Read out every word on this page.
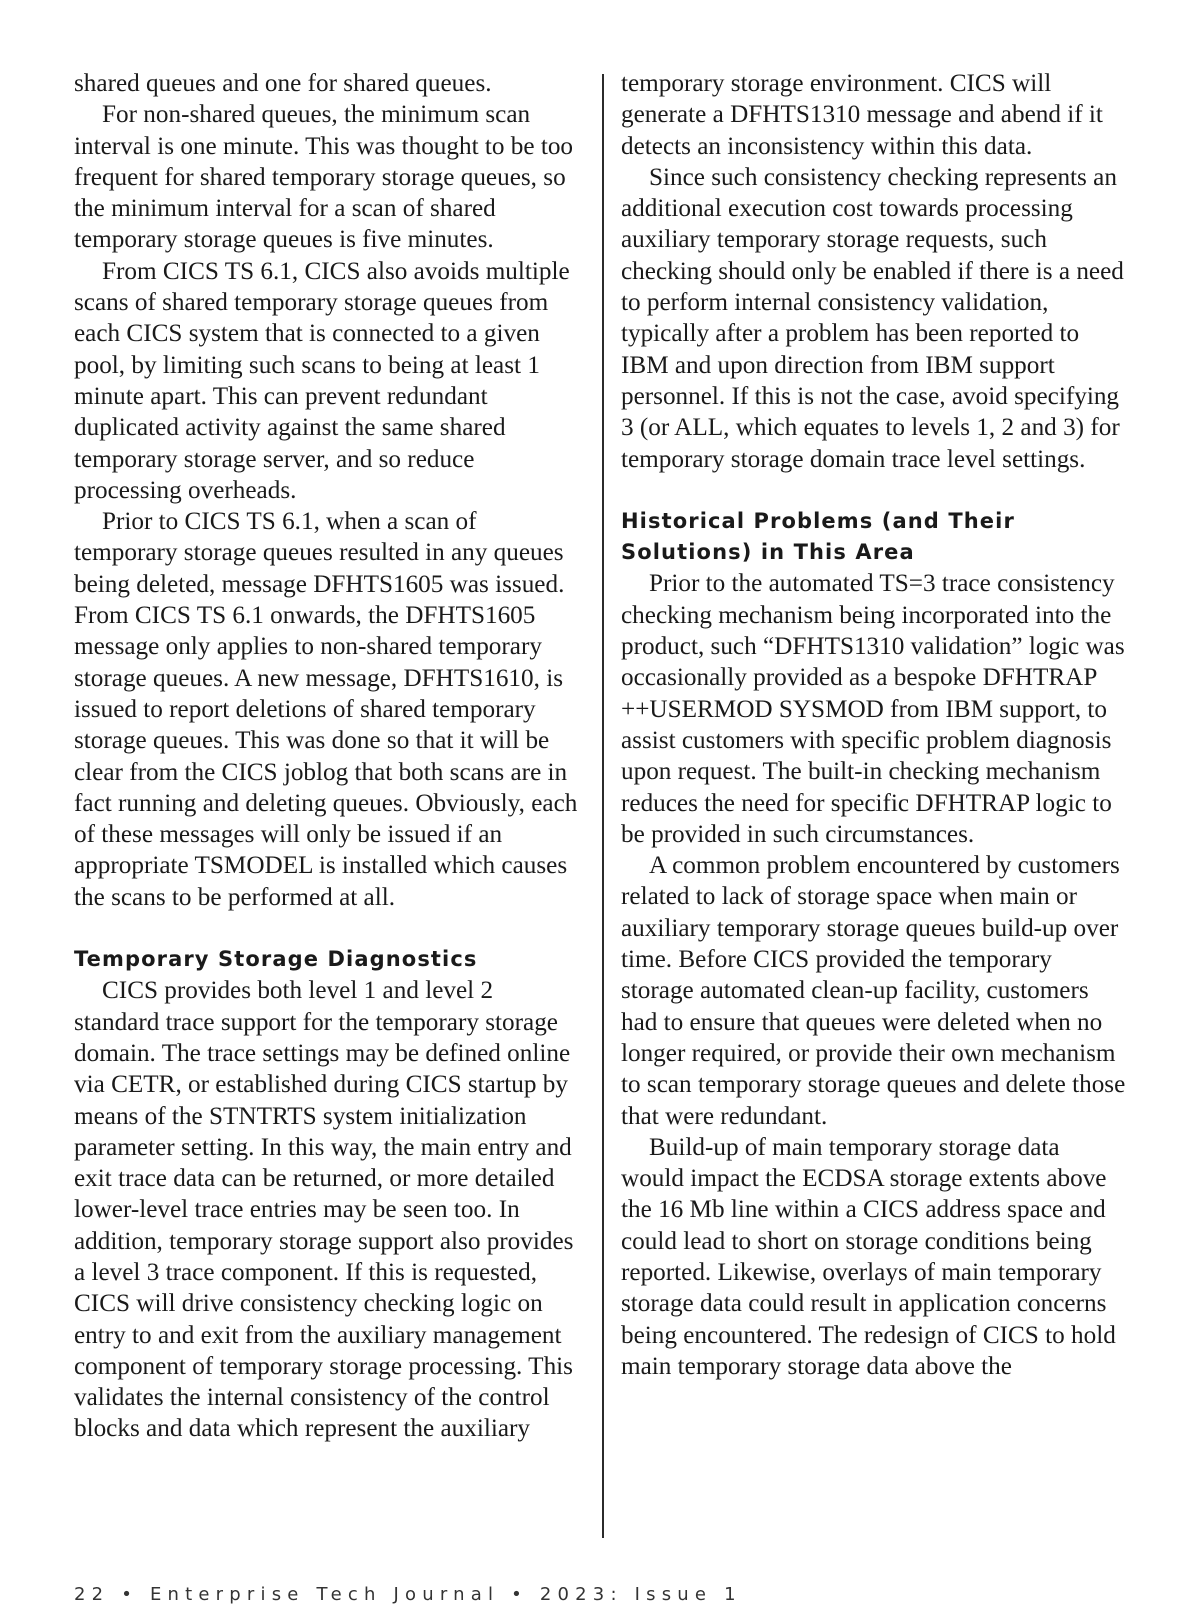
shared queues and one for shared queues.

For non-shared queues, the minimum scan interval is one minute. This was thought to be too frequent for shared temporary storage queues, so the minimum interval for a scan of shared temporary storage queues is five minutes.

From CICS TS 6.1, CICS also avoids multiple scans of shared temporary storage queues from each CICS system that is connected to a given pool, by limiting such scans to being at least 1 minute apart. This can prevent redundant duplicated activity against the same shared temporary storage server, and so reduce processing overheads.

Prior to CICS TS 6.1, when a scan of temporary storage queues resulted in any queues being deleted, message DFHTS1605 was issued. From CICS TS 6.1 onwards, the DFHTS1605 message only applies to non-shared temporary storage queues. A new message, DFHTS1610, is issued to report deletions of shared temporary storage queues. This was done so that it will be clear from the CICS joblog that both scans are in fact running and deleting queues. Obviously, each of these messages will only be issued if an appropriate TSMODEL is installed which causes the scans to be performed at all.

Temporary Storage Diagnostics

CICS provides both level 1 and level 2 standard trace support for the temporary storage domain. The trace settings may be defined online via CETR, or established during CICS startup by means of the STNTRTS system initialization parameter setting. In this way, the main entry and exit trace data can be returned, or more detailed lower-level trace entries may be seen too. In addition, temporary storage support also provides a level 3 trace component. If this is requested, CICS will drive consistency checking logic on entry to and exit from the auxiliary management component of temporary storage processing. This validates the internal consistency of the control blocks and data which represent the auxiliary

temporary storage environment. CICS will generate a DFHTS1310 message and abend if it detects an inconsistency within this data.

Since such consistency checking represents an additional execution cost towards processing auxiliary temporary storage requests, such checking should only be enabled if there is a need to perform internal consistency validation, typically after a problem has been reported to IBM and upon direction from IBM support personnel. If this is not the case, avoid specifying 3 (or ALL, which equates to levels 1, 2 and 3) for temporary storage domain trace level settings.

Historical Problems (and Their Solutions) in This Area

Prior to the automated TS=3 trace consistency checking mechanism being incorporated into the product, such “DFHTS1310 validation” logic was occasionally provided as a bespoke DFHTRAP ++USERMOD SYSMOD from IBM support, to assist customers with specific problem diagnosis upon request. The built-in checking mechanism reduces the need for specific DFHTRAP logic to be provided in such circumstances.

A common problem encountered by customers related to lack of storage space when main or auxiliary temporary storage queues build-up over time. Before CICS provided the temporary storage automated clean-up facility, customers had to ensure that queues were deleted when no longer required, or provide their own mechanism to scan temporary storage queues and delete those that were redundant.

Build-up of main temporary storage data would impact the ECDSA storage extents above the 16 Mb line within a CICS address space and could lead to short on storage conditions being reported. Likewise, overlays of main temporary storage data could result in application concerns being encountered. The redesign of CICS to hold main temporary storage data above the

22 • Enterprise Tech Journal • 2023: Issue 1
